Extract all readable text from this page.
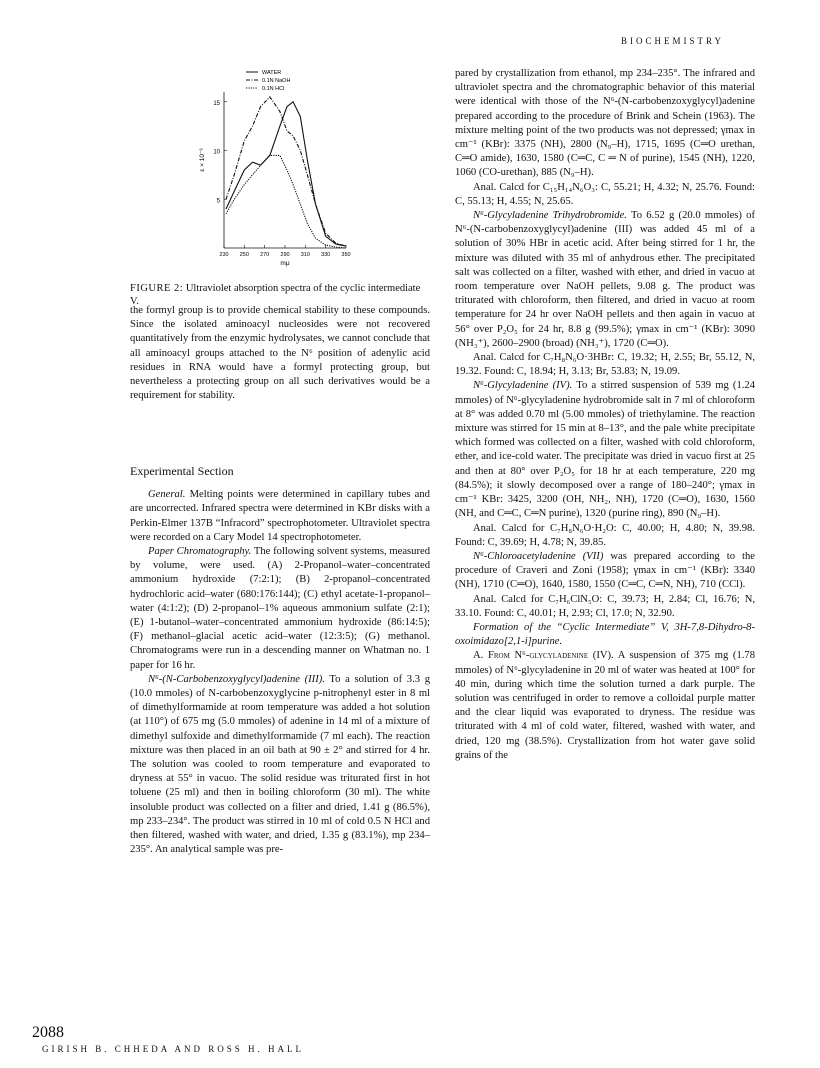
BIOCHEMISTRY
15
10
5
230 250 270 290 310 330 350
mμ
ε × 10⁻³
WATER
0.1N NaOH
0.1N HCl
FIGURE 2: Ultraviolet absorption spectra of the cyclic intermediate V.

the formyl group is to provide chemical stability to these compounds. Since the isolated aminoacyl nucleosides were not recovered quantitatively from the enzymic hydrolysates, we cannot conclude that all aminoacyl groups attached to the N⁶ position of adenylic acid residues in RNA would have a formyl protecting group, but nevertheless a protecting group on all such derivatives would be a requirement for stability.

Experimental Section

General. Melting points were determined in capillary tubes and are uncorrected. Infrared spectra were determined in KBr disks with a Perkin-Elmer 137B “Infracord” spectrophotometer. Ultraviolet spectra were recorded on a Cary Model 14 spectrophotometer.

Paper Chromatography. The following solvent systems, measured by volume, were used. (A) 2-Propanol–water–concentrated ammonium hydroxide (7:2:1); (B) 2-propanol–concentrated hydrochloric acid–water (680:176:144); (C) ethyl acetate-1-propanol–water (4:1:2); (D) 2-propanol–1% aqueous ammonium sulfate (2:1); (E) 1-butanol–water–concentrated ammonium hydroxide (86:14:5); (F) methanol–glacial acetic acid–water (12:3:5); (G) methanol. Chromatograms were run in a descending manner on Whatman no. 1 paper for 16 hr.

N⁶-(N-Carbobenzoxyglycyl)adenine (III). To a solution of 3.3 g (10.0 mmoles) of N-carbobenzoxyglycine p-nitrophenyl ester in 8 ml of dimethylformamide at room temperature was added a hot solution (at 110°) of 675 mg (5.0 mmoles) of adenine in 14 ml of a mixture of dimethyl sulfoxide and dimethylformamide (7 ml each). The reaction mixture was then placed in an oil bath at 90 ± 2° and stirred for 4 hr. The solution was cooled to room temperature and evaporated to dryness at 55° in vacuo. The solid residue was triturated first in hot toluene (25 ml) and then in boiling chloroform (30 ml). The white insoluble product was collected on a filter and dried, 1.41 g (86.5%), mp 233–234°. The product was stirred in 10 ml of cold 0.5 N HCl and then filtered, washed with water, and dried, 1.35 g (83.1%), mp 234–235°. An analytical sample was pre-

pared by crystallization from ethanol, mp 234–235°. The infrared and ultraviolet spectra and the chromatographic behavior of this material were identical with those of the N⁶-(N-carbobenzoxyglycyl)adenine prepared according to the procedure of Brink and Schein (1963). The mixture melting point of the two products was not depressed; γmax in cm⁻¹ (KBr): 3375 (NH), 2800 (N₉–H), 1715, 1695 (C═O urethan, C═O amide), 1630, 1580 (C═C, C ═ N of purine), 1545 (NH), 1220, 1060 (CO-urethan), 885 (N₉–H).

Anal. Calcd for C₁₅H₁₄N₆O₃: C, 55.21; H, 4.32; N, 25.76. Found: C, 55.13; H, 4.55; N, 25.65.

N⁶-Glycyladenine Trihydrobromide. To 6.52 g (20.0 mmoles) of N⁶-(N-carbobenzoxyglycyl)adenine (III) was added 45 ml of a solution of 30% HBr in acetic acid. After being stirred for 1 hr, the mixture was diluted with 35 ml of anhydrous ether. The precipitated salt was collected on a filter, washed with ether, and dried in vacuo at room temperature over NaOH pellets, 9.08 g. The product was triturated with chloroform, then filtered, and dried in vacuo at room temperature for 24 hr over NaOH pellets and then again in vacuo at 56° over P₂O₅ for 24 hr, 8.8 g (99.5%); γmax in cm⁻¹ (KBr): 3090 (NH₃⁺), 2600–2900 (broad) (NH₃⁺), 1720 (C═O).

Anal. Calcd for C₇H₈N₆O·3HBr: C, 19.32; H, 2.55; Br, 55.12, N, 19.32. Found: C, 18.94; H, 3.13; Br, 53.83; N, 19.09.

N⁶-Glycyladenine (IV). To a stirred suspension of 539 mg (1.24 mmoles) of N⁶-glycyladenine hydrobromide salt in 7 ml of chloroform at 8° was added 0.70 ml (5.00 mmoles) of triethylamine. The reaction mixture was stirred for 15 min at 8–13°, and the pale white precipitate which formed was collected on a filter, washed with cold chloroform, ether, and ice-cold water. The precipitate was dried in vacuo first at 25 and then at 80° over P₂O₅ for 18 hr at each temperature, 220 mg (84.5%); it slowly decomposed over a range of 180–240°; γmax in cm⁻¹ KBr: 3425, 3200 (OH, NH₂, NH), 1720 (C═O), 1630, 1560 (NH, and C═C, C═N purine), 1320 (purine ring), 890 (N₉–H).

Anal. Calcd for C₇H₈N₆O·H₂O: C, 40.00; H, 4.80; N, 39.98. Found: C, 39.69; H, 4.78; N, 39.85.

N⁶-Chloroacetyladenine (VII) was prepared according to the procedure of Craveri and Zoni (1958); γmax in cm⁻¹ (KBr): 3340 (NH), 1710 (C═O), 1640, 1580, 1550 (C═C, C═N, NH), 710 (CCl).

Anal. Calcd for C₇H₆ClN₅O: C, 39.73; H, 2.84; Cl, 16.76; N, 33.10. Found: C, 40.01; H, 2.93; Cl, 17.0; N, 32.90.

Formation of the “Cyclic Intermediate” V, 3H-7,8-Dihydro-8-oxoimidazo[2,1-i]purine.

A. From N⁶-glycyladenine (IV). A suspension of 375 mg (1.78 mmoles) of N⁶-glycyladenine in 20 ml of water was heated at 100° for 40 min, during which time the solution turned a dark purple. The solution was centrifuged in order to remove a colloidal purple matter and the clear liquid was evaporated to dryness. The residue was triturated with 4 ml of cold water, filtered, washed with water, and dried, 120 mg (38.5%). Crystallization from hot water gave solid grains of the

2088
GIRISH B. CHHEDA AND ROSS H. HALL
